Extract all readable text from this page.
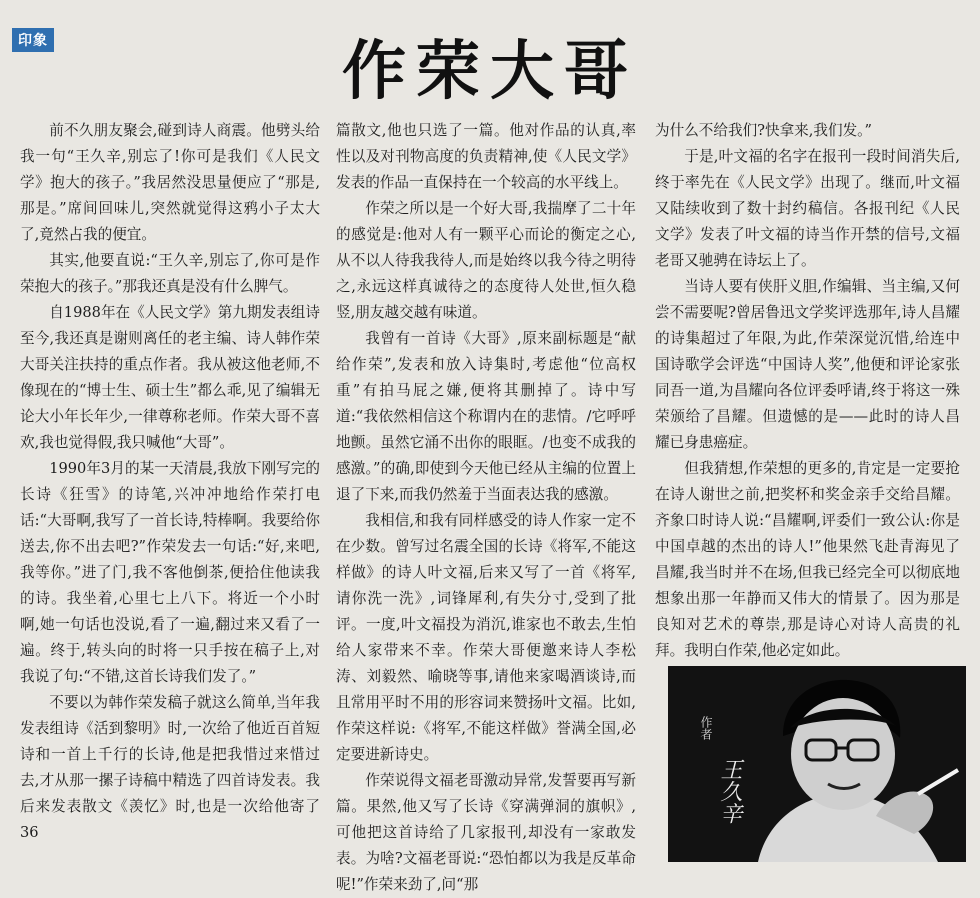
印象	作荣大哥

前不久朋友聚会,碰到诗人商震。他劈头给我一句“王久辛,别忘了!你可是我们《人民文学》抱大的孩子。”我居然没思量便应了“那是,那是。”席间回味儿,突然就觉得这鸦小子太大了,竟然占我的便宜。

其实,他要直说:“王久辛,别忘了,你可是作荣抱大的孩子。”那我还真是没有什么脾气。

自1988年在《人民文学》第九期发表组诗至今,我还真是谢则离任的老主编、诗人韩作荣大哥关注扶持的重点作者。我从被这他老师,不像现在的“博士生、硕士生”都么乖,见了编辑无论大小年长年少,一律尊称老师。作荣大哥不喜欢,我也觉得假,我只喊他“大哥”。

1990年3月的某一天清晨,我放下刚写完的长诗《狂雪》的诗笔,兴冲冲地给作荣打电话:“大哥啊,我写了一首长诗,特棒啊。我要给你送去,你不出去吧?”作荣发去一句话:“好,来吧,我等你。”进了门,我不客他倒茶,便拾住他读我的诗。我坐着,心里七上八下。将近一个小时啊,她一句话也没说,看了一遍,翻过来又看了一遍。终于,转头向的时将一只手按在稿子上,对我说了句:“不错,这首长诗我们发了。”

不要以为韩作荣发稿子就这么简单,当年我发表组诗《活到黎明》时,一次给了他近百首短诗和一首上千行的长诗,他是把我惜过来惜过去,才从那一摞子诗稿中精选了四首诗发表。我后来发表散文《羡忆》时,也是一次给他寄了36

篇散文,他也只选了一篇。他对作品的认真,率性以及对刊物高度的负责精神,使《人民文学》发表的作品一直保持在一个较高的水平线上。

作荣之所以是一个好大哥,我揣摩了二十年的感觉是:他对人有一颗平心而论的衡定之心,从不以人待我我待人,而是始终以我今待之明待之,永远这样真诚待之的态度待人处世,恒久稳竖,朋友越交越有味道。

我曾有一首诗《大哥》,原来副标题是“献给作荣”,发表和放入诗集时,考虑他“位高权重”有拍马屁之嫌,便将其删掉了。诗中写道:“我依然相信这个称谓内在的悲情。/它呼呼地颤。虽然它涌不出你的眼眶。/也变不成我的感激。”的确,即使到今天他已经从主编的位置上退了下来,而我仍然羞于当面表达我的感激。

我相信,和我有同样感受的诗人作家一定不在少数。曾写过名震全国的长诗《将军,不能这样做》的诗人叶文福,后来又写了一首《将军,请你洗一洗》,词锋犀利,有失分寸,受到了批评。一度,叶文福投为消沉,谁家也不敢去,生怕给人家带来不幸。作荣大哥便邀来诗人李松涛、刘毅然、喻晓等事,请他来家喝酒谈诗,而且常用平时不用的形容词来赞扬叶文福。比如,作荣这样说:《将军,不能这样做》誉满全国,必定要进新诗史。

作荣说得文福老哥激动异常,发誓要再写新篇。果然,他又写了长诗《穿满弹洞的旗帜》,可他把这首诗给了几家报刊,却没有一家敢发表。为啥?文福老哥说:“恐怕都以为我是反革命呢!”作荣来劲了,问“那

为什么不给我们?快拿来,我们发。”

于是,叶文福的名字在报刊一段时间消失后,终于率先在《人民文学》出现了。继而,叶文福又陆续收到了数十封约稿信。各报刊纪《人民文学》发表了叶文福的诗当作开禁的信号,文福老哥又驰骋在诗坛上了。

当诗人要有侠肝义胆,作编辑、当主编,又何尝不需要呢?曾居鲁迅文学奖评选那年,诗人昌耀的诗集超过了年限,为此,作荣深觉沉惜,给连中国诗歌学会评选“中国诗人奖”,他便和评论家张同吾一道,为昌耀向各位评委呼请,终于将这一殊荣颁给了昌耀。但遗憾的是——此时的诗人昌耀已身患癌症。

但我猜想,作荣想的更多的,肯定是一定要抢在诗人谢世之前,把奖杯和奖金亲手交给昌耀。齐象口时诗人说:“昌耀啊,评委们一致公认:你是中国卓越的杰出的诗人!”他果然飞赴青海见了昌耀,我当时并不在场,但我已经完全可以彻底地想象出那一年静而又伟大的情景了。因为那是良知对艺术的尊崇,那是诗心对诗人高贵的礼拜。我明白作荣,他必定如此。

作者
王久辛
